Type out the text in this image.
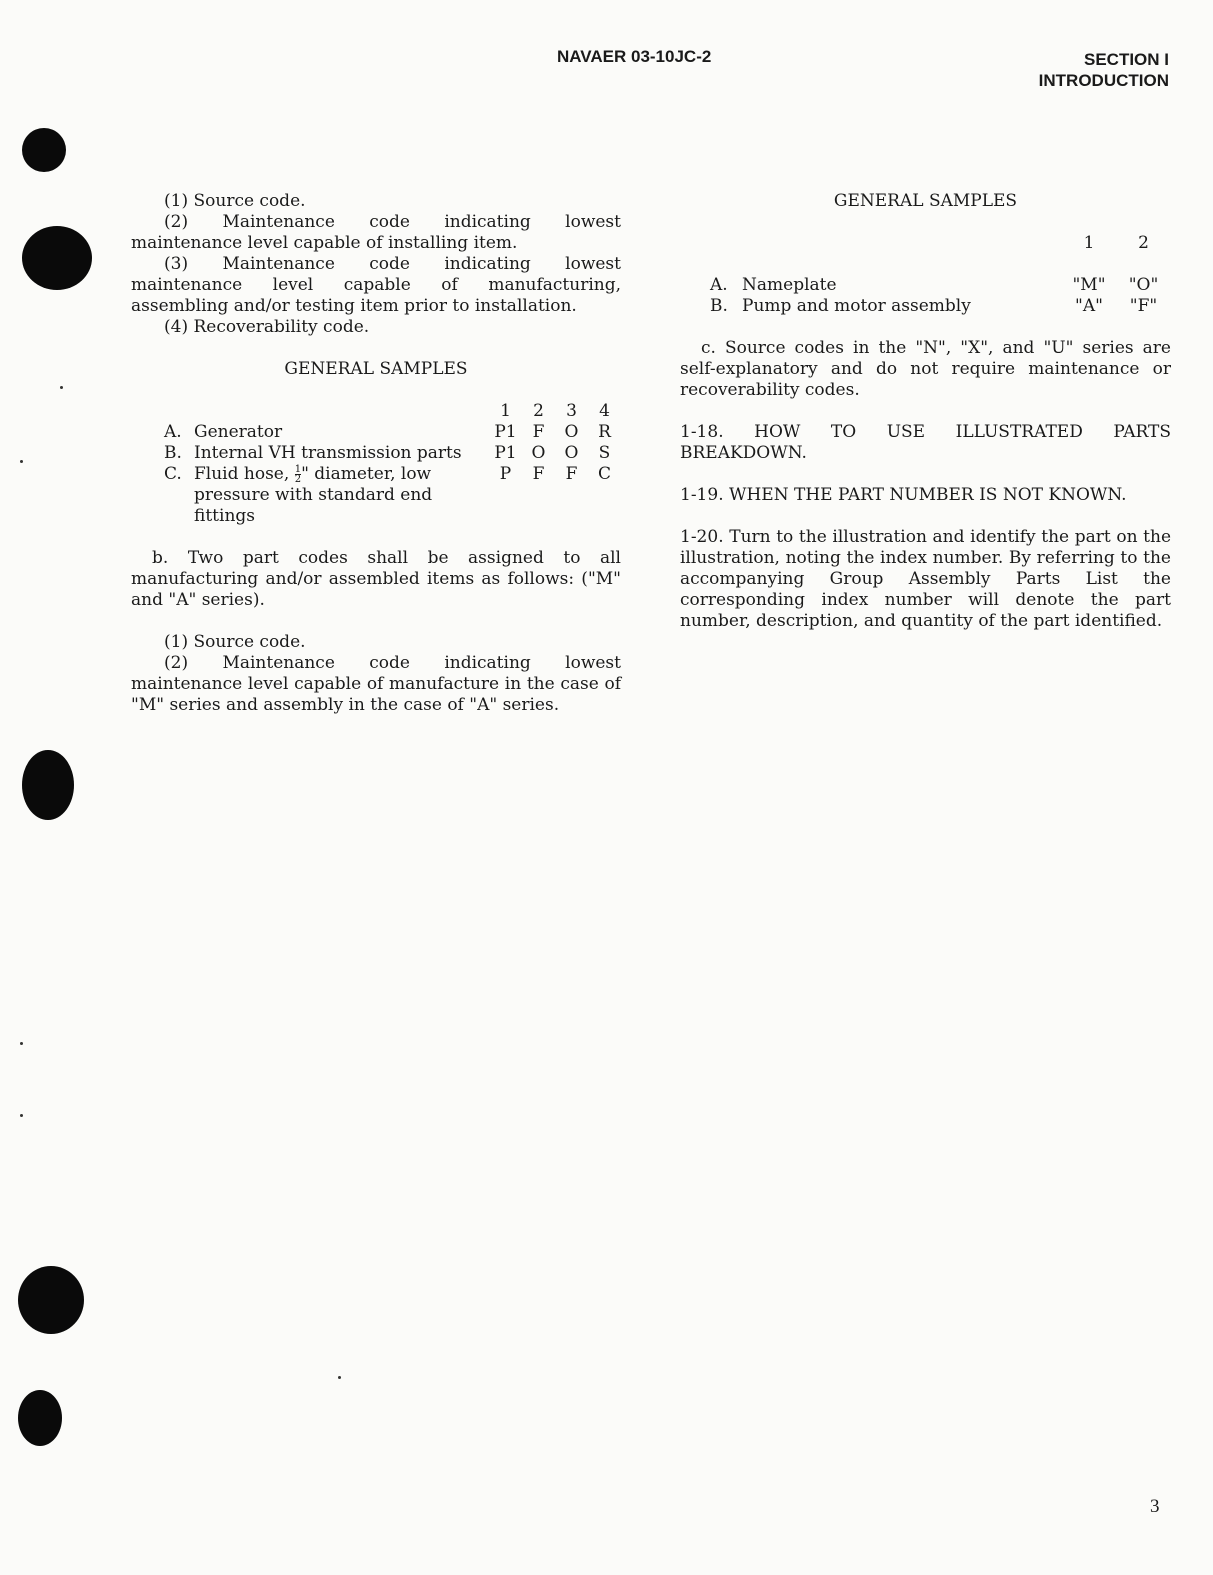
NAVAER 03-10JC-2	SECTION I
INTRODUCTION

(1) Source code.

(2) Maintenance code indicating lowest maintenance level capable of installing item.

(3) Maintenance code indicating lowest maintenance level capable of manufacturing, assembling and/or testing item prior to installation.

(4) Recoverability code.

GENERAL SAMPLES

		1	2	3	4
A.	Generator	P1	F	O	R
B.	Internal VH transmission parts	P1	O	O	S
C.	Fluid hose, $\frac{1}{2}$ " diameter, low pressure with standard end fittings	P	F	F	C

b. Two part codes shall be assigned to all manufacturing and/or assembled items as follows: ("M" and "A" series).

(1) Source code.

(2) Maintenance code indicating lowest maintenance level capable of manufacture in the case of "M" series and assembly in the case of "A" series.

GENERAL SAMPLES

		1	2

A.	Nameplate	"M"	"O"
B.	Pump and motor assembly	"A"	"F"

c. Source codes in the "N", "X", and "U" series are self-explanatory and do not require maintenance or recoverability codes.

1-18. HOW TO USE ILLUSTRATED PARTS BREAKDOWN.

1-19. WHEN THE PART NUMBER IS NOT KNOWN.

1-20. Turn to the illustration and identify the part on the illustration, noting the index number. By referring to the accompanying Group Assembly Parts List the corresponding index number will denote the part number, description, and quantity of the part identified.

3
